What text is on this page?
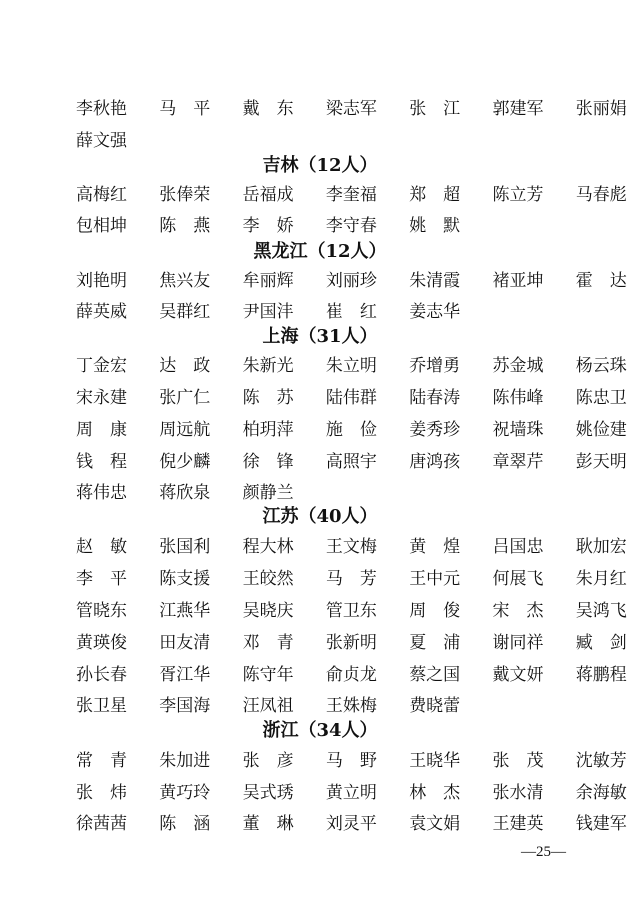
李秋艳 马　平 戴　东 梁志军 张　江 郭建军 张丽娟
薛文强
吉林（12人）
高梅红 张俸荣 岳福成 李奎福 郑　超 陈立芳 马春彪
包相坤 陈　燕 李　娇 李守春 姚　默
黑龙江（12人）
刘艳明 焦兴友 牟丽辉 刘丽珍 朱清霞 褚亚坤 霍　达
薛英威 吴群红 尹国沣 崔　红 姜志华
上海（31人）
丁金宏 达　政 朱新光 朱立明 乔增勇 苏金城 杨云珠
宋永建 张广仁 陈　苏 陆伟群 陆春涛 陈伟峰 陈忠卫
周　康 周远航 柏玥萍 施　俭 姜秀珍 祝墙珠 姚俭建
钱　程 倪少麟 徐　锋 高照宇 唐鸿孩 章翠芹 彭天明
蒋伟忠 蒋欣泉 颜静兰
江苏（40人）
赵　敏 张国利 程大林 王文梅 黄　煌 吕国忠 耿加宏
李　平 陈支援 王皎然 马　芳 王中元 何展飞 朱月红
管晓东 江燕华 吴晓庆 管卫东 周　俊 宋　杰 吴鸿飞
黄瑛俊 田友清 邓　青 张新明 夏　浦 谢同祥 臧　剑
孙长春 胥江华 陈守年 俞贞龙 蔡之国 戴文妍 蒋鹏程
张卫星 李国海 汪凤祖 王姝梅 费晓蕾
浙江（34人）
常　青 朱加进 张　彦 马　野 王晓华 张　茂 沈敏芳
张　炜 黄巧玲 吴式琇 黄立明 林　杰 张水清 余海敏
徐茜茜 陈　涵 董　琳 刘灵平 袁文娟 王建英 钱建军
—25—
